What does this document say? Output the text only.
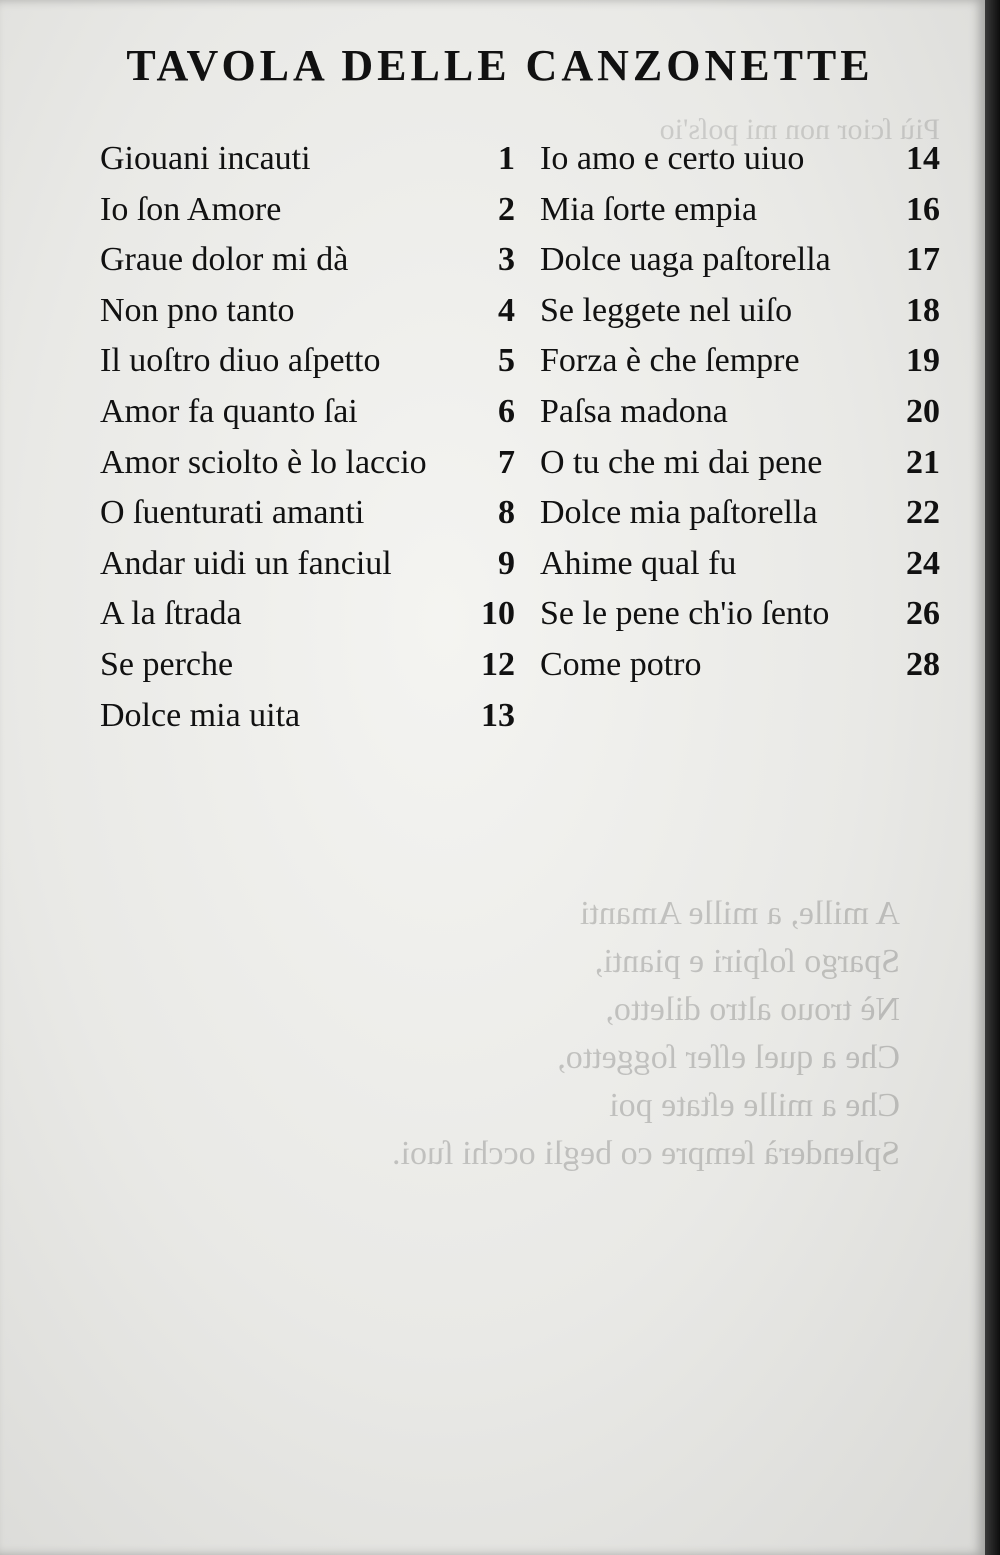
Più ſcior non mi poſs'io
TAVOLA DELLE CANZONETTE
Giouani incauti	1
Io ſon Amore	2
Graue dolor mi dà	3
Non pno tanto	4
Il uoſtro diuo aſpetto	5
Amor fa quanto ſai	6
Amor sciolto è lo laccio 7
O ſuenturati amanti	8
Andar uidi un fanciul	9
A la ſtrada	10
Se perche	12
Dolce mia uita	13
Io amo e certo uiuo	14
Mia ſorte empia	16
Dolce uaga paſtorella 17
Se leggete nel uiſo	18
Forza è che ſempre	19
Paſsa madona	20
O tu che mi dai pene 21
Dolce mia paſtorella	22
Ahime qual fu	24
Se le pene ch'io ſento 26
Come potro	28
A mille, a mille Amanti
Spargo ſoſpiri e pianti,
Nè trouo altro diletto,
Che a quel eſſer ſoggetto,
Che a mille eſtate poi
Splenderà ſempre co begli occhi ſuoi.
